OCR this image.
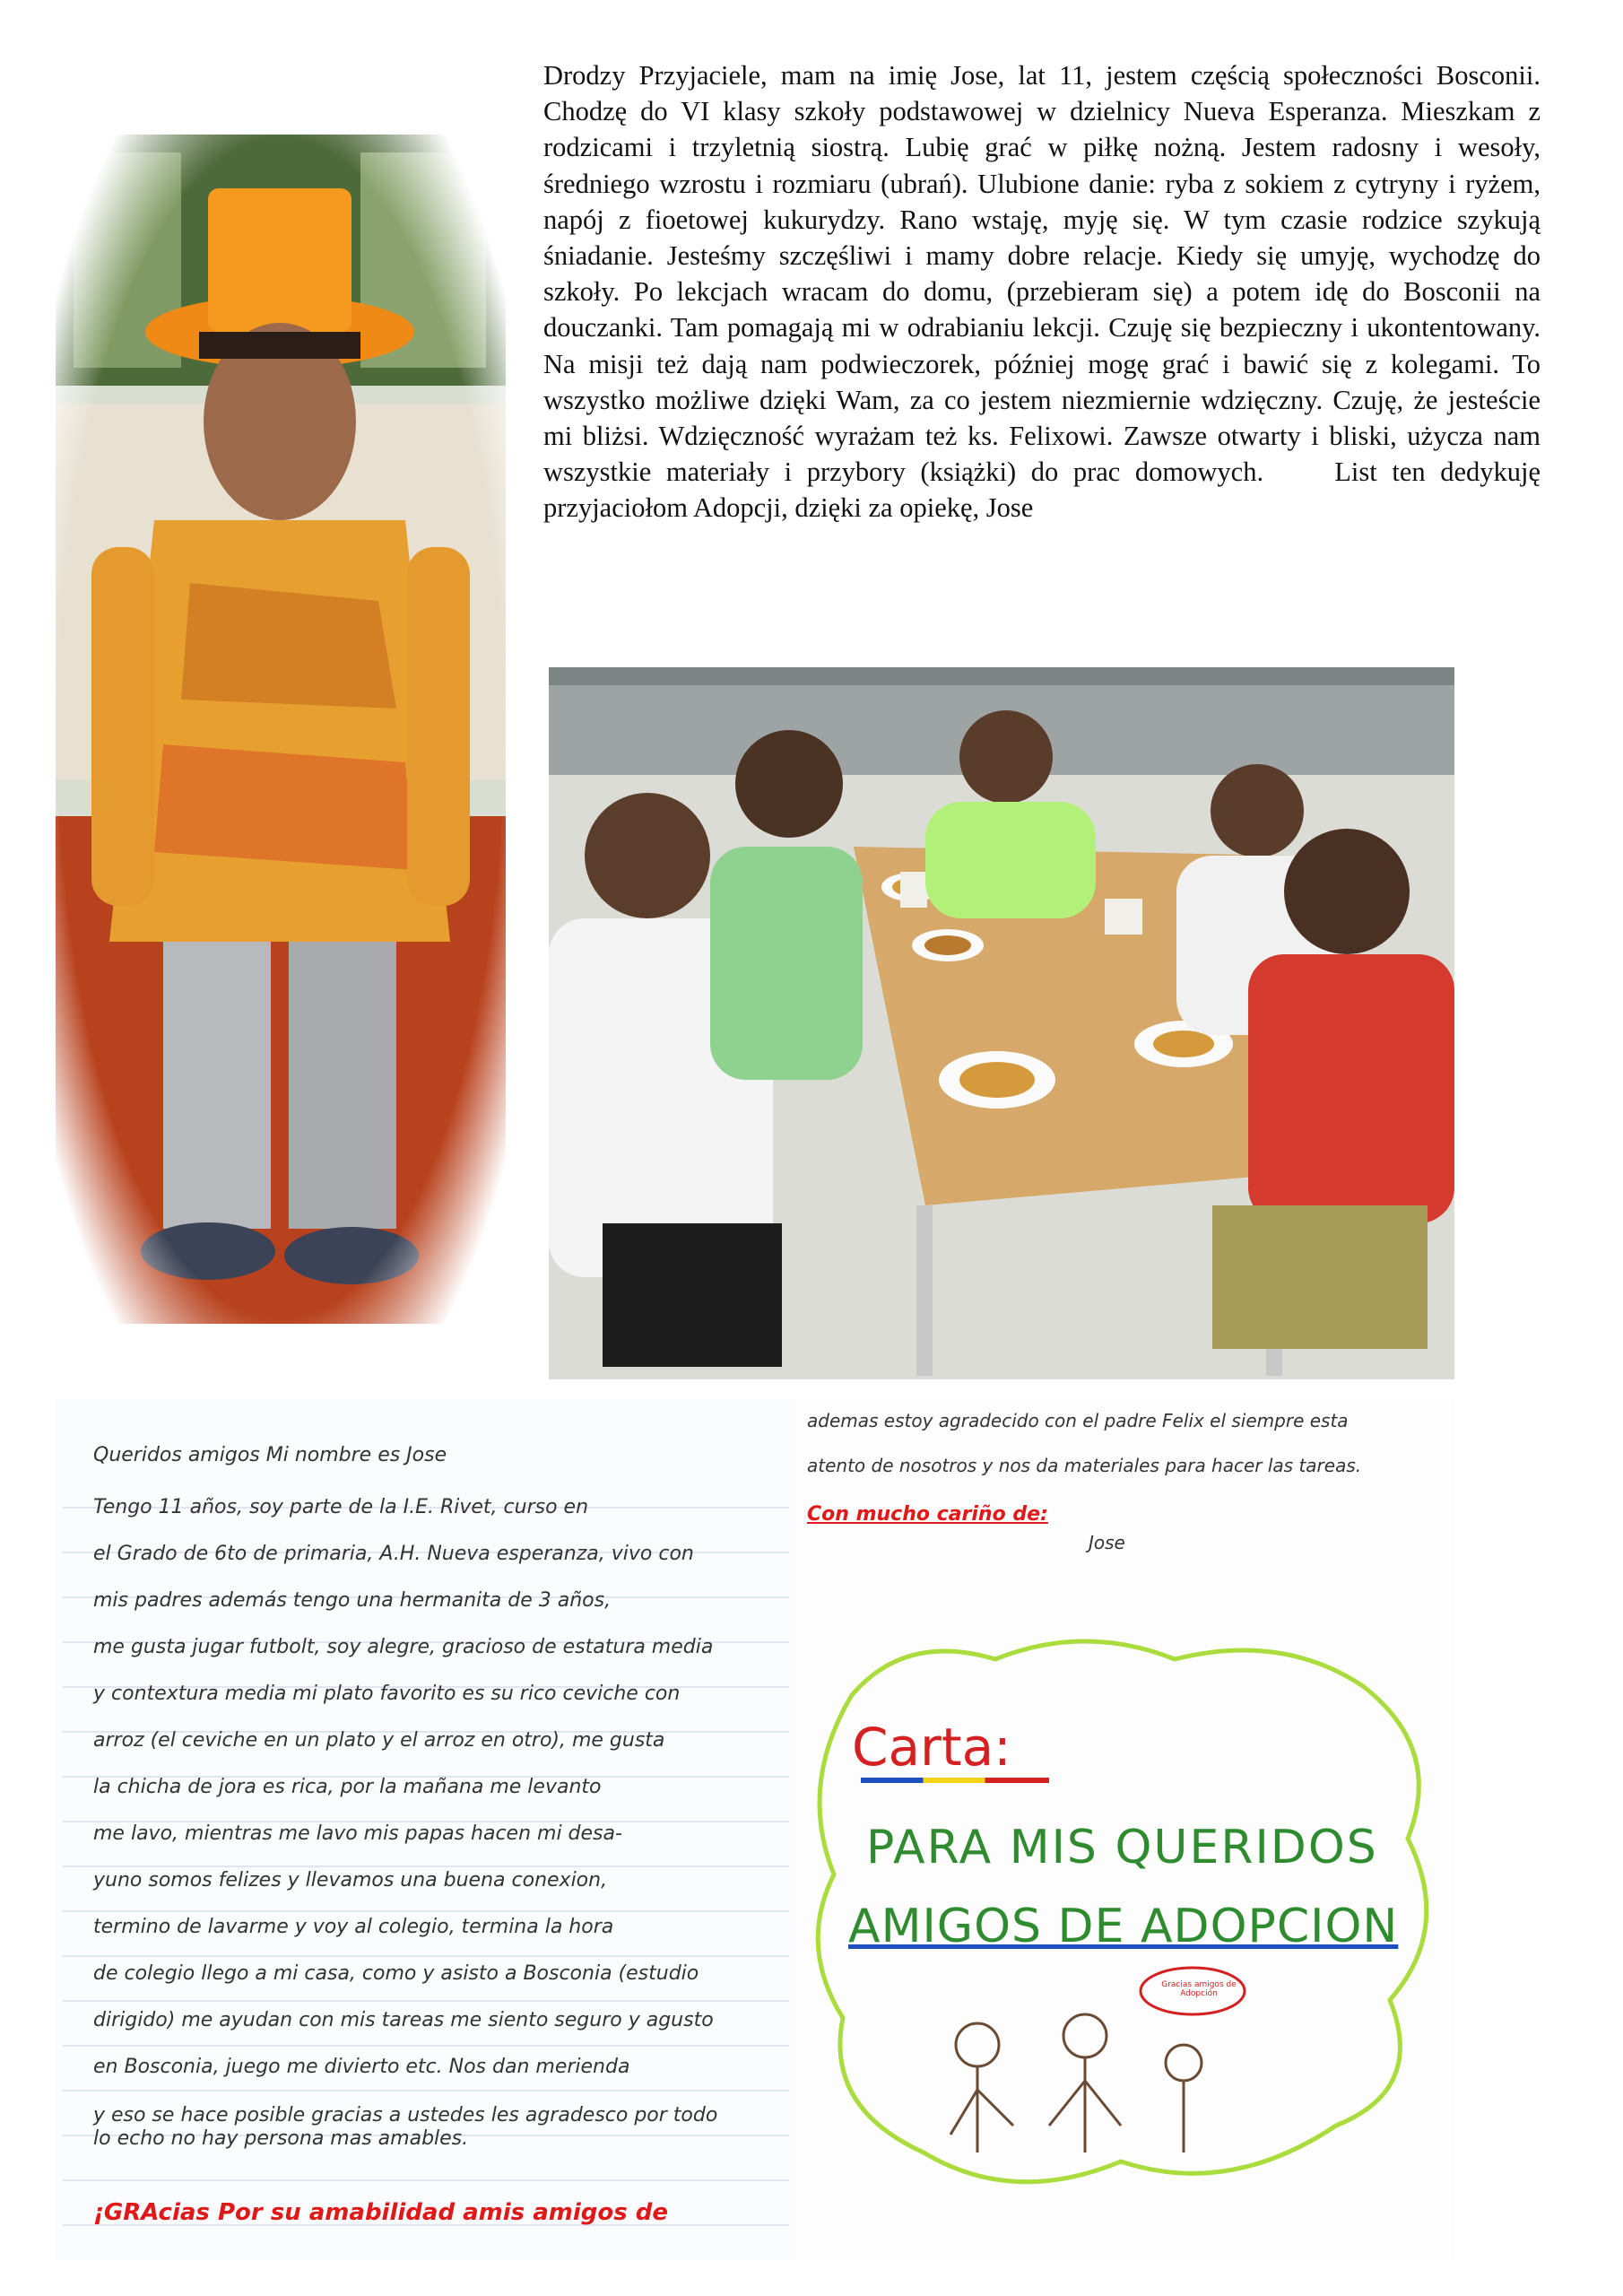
Drodzy Przyjaciele, mam na imię Jose, lat 11, jestem częścią społeczności Bosconii. Chodzę do VI klasy szkoły podstawowej w dzielnicy Nueva Esperanza. Mieszkam z rodzicami i trzyletnią siostrą. Lubię grać w piłkę nożną. Jestem radosny i wesoły, średniego wzrostu i rozmiaru (ubrań). Ulubione danie: ryba z sokiem z cytryny i ryżem, napój z fioetowej kukurydzy. Rano wstaję, myję się. W tym czasie rodzice szykują śniadanie. Jesteśmy szczęśliwi i mamy dobre relacje. Kiedy się umyję, wychodzę do szkoły. Po lekcjach wracam do domu, (przebieram się) a potem idę do Bosconii na douczanki. Tam pomagają mi w odrabianiu lekcji. Czuję się bezpieczny i ukontentowany. Na misji też dają nam podwieczorek, później mogę grać i bawić się z kolegami. To wszystko możliwe dzięki Wam, za co jestem niezmiernie wdzięczny. Czuję, że jesteście mi bliżsi. Wdzięczność wyrażam też ks. Felixowi. Zawsze otwarty i bliski, użycza nam wszystkie materiały i przybory (książki) do prac domowych.	List ten dedykuję przyjaciołom Adopcji, dzięki za opiekę, Jose

Queridos amigos Mi nombre es Jose
Tengo 11 años, soy parte de la I.E. Rivet, curso en
el Grado de 6to de primaria, A.H. Nueva esperanza, vivo con
mis padres además tengo una hermanita de 3 años,
me gusta jugar futbolt, soy alegre, gracioso de estatura media
y contextura media mi plato favorito es su rico ceviche con
arroz (el ceviche en un plato y el arroz en otro), me gusta
la chicha de jora es rica, por la mañana me levanto
me lavo, mientras me lavo mis papas hacen mi desa-
yuno somos felizes y llevamos una buena conexion,
termino de lavarme y voy al colegio, termina la hora
de colegio llego a mi casa, como y asisto a Bosconia (estudio
dirigido) me ayudan con mis tareas me siento seguro y agusto
en Bosconia, juego me divierto etc. Nos dan merienda
y eso se hace posible gracias a ustedes les agradesco por todo
lo echo no hay persona mas amables.
¡GRAcias Por su amabilidad amis amigos de
ademas estoy agradecido con el padre Felix el siempre esta
atento de nosotros y nos da materiales para hacer las tareas.
Con mucho cariño de:
Jose
Carta:
PARA MIS QUERIDOS
AMIGOS DE ADOPCION
Gracias amigos de Adopción
